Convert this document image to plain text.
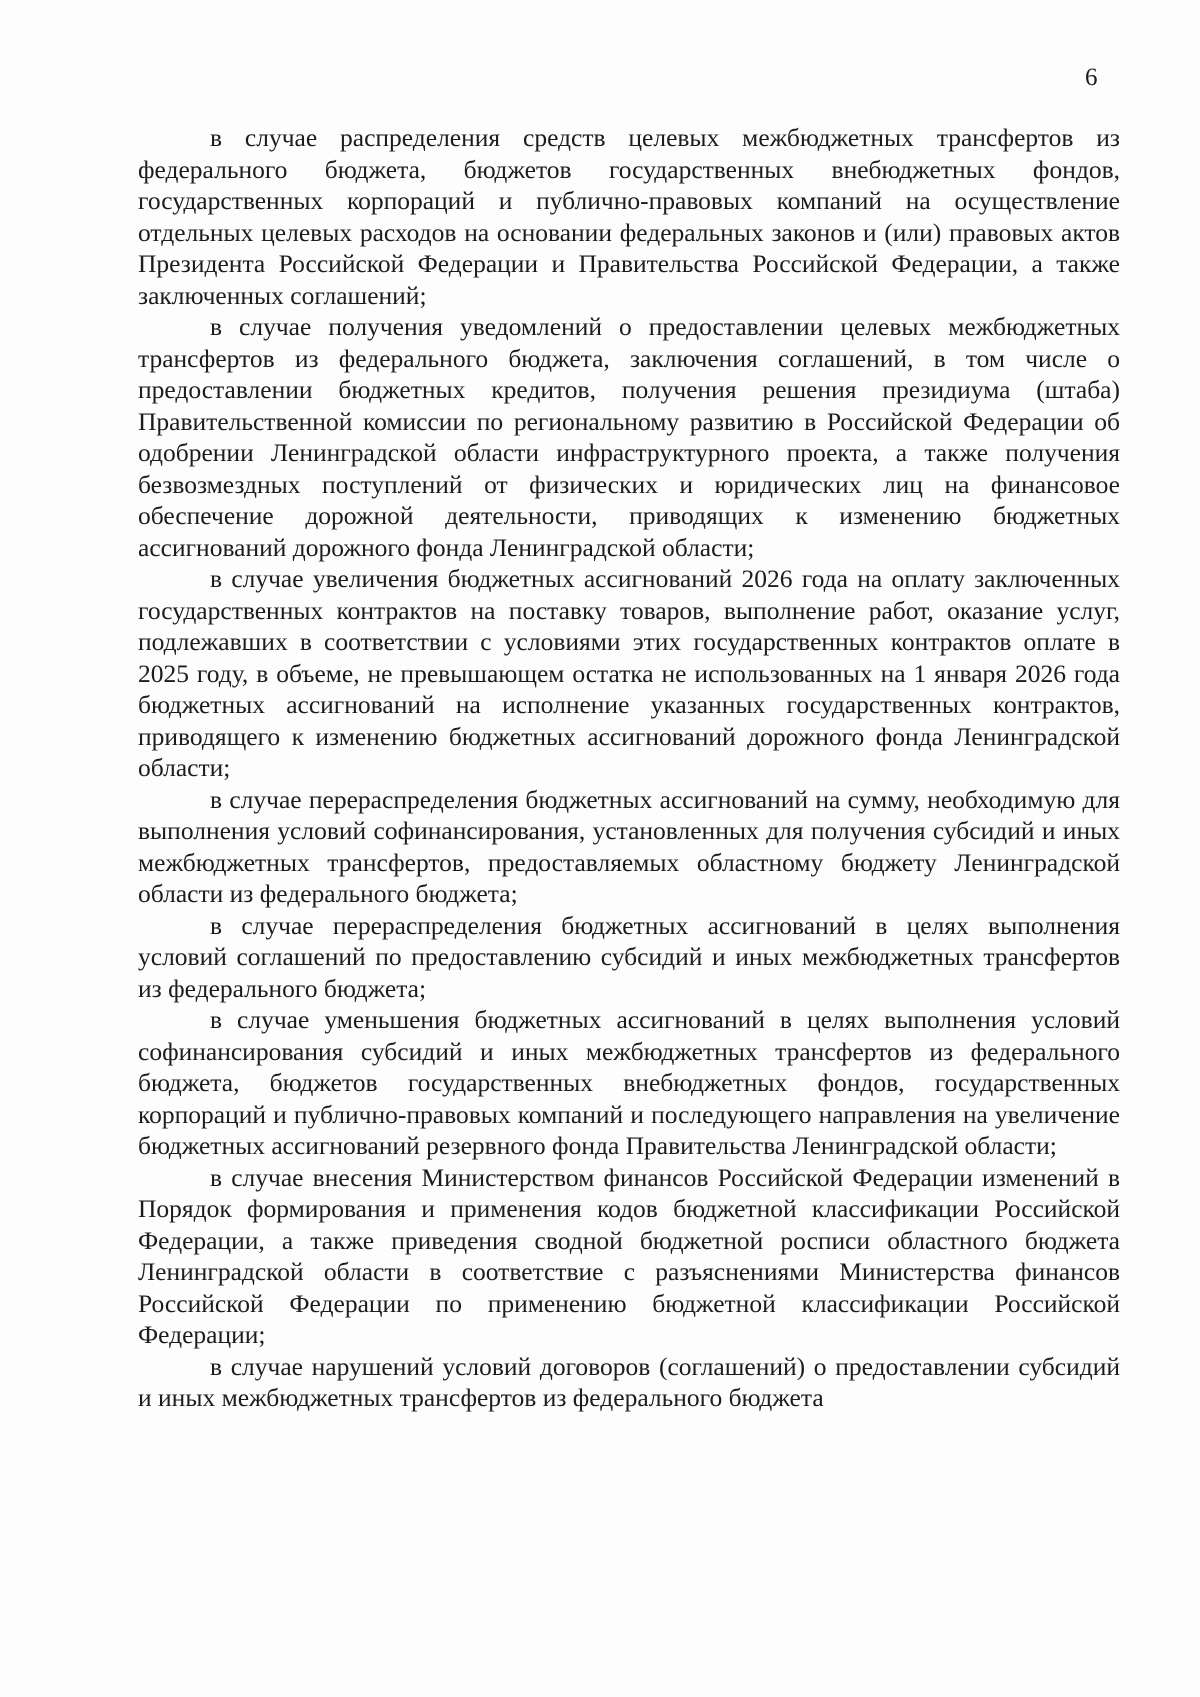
6

в случае распределения средств целевых межбюджетных трансфертов из федерального бюджета, бюджетов государственных внебюджетных фондов, государственных корпораций и публично-правовых компаний на осуществление отдельных целевых расходов на основании федеральных законов и (или) правовых актов Президента Российской Федерации и Правительства Российской Федерации, а также заключенных соглашений;

в случае получения уведомлений о предоставлении целевых межбюджетных трансфертов из федерального бюджета, заключения соглашений, в том числе о предоставлении бюджетных кредитов, получения решения президиума (штаба) Правительственной комиссии по региональному развитию в Российской Федерации об одобрении Ленинградской области инфраструктурного проекта, а также получения безвозмездных поступлений от физических и юридических лиц на финансовое обеспечение дорожной деятельности, приводящих к изменению бюджетных ассигнований дорожного фонда Ленинградской области;

в случае увеличения бюджетных ассигнований 2026 года на оплату заключенных государственных контрактов на поставку товаров, выполнение работ, оказание услуг, подлежавших в соответствии с условиями этих государственных контрактов оплате в 2025 году, в объеме, не превышающем остатка не использованных на 1 января 2026 года бюджетных ассигнований на исполнение указанных государственных контрактов, приводящего к изменению бюджетных ассигнований дорожного фонда Ленинградской области;

в случае перераспределения бюджетных ассигнований на сумму, необходимую для выполнения условий софинансирования, установленных для получения субсидий и иных межбюджетных трансфертов, предоставляемых областному бюджету Ленинградской области из федерального бюджета;

в случае перераспределения бюджетных ассигнований в целях выполнения условий соглашений по предоставлению субсидий и иных межбюджетных трансфертов из федерального бюджета;

в случае уменьшения бюджетных ассигнований в целях выполнения условий софинансирования субсидий и иных межбюджетных трансфертов из федерального бюджета, бюджетов государственных внебюджетных фондов, государственных корпораций и публично-правовых компаний и последующего направления на увеличение бюджетных ассигнований резервного фонда Правительства Ленинградской области;

в случае внесения Министерством финансов Российской Федерации изменений в Порядок формирования и применения кодов бюджетной классификации Российской Федерации, а также приведения сводной бюджетной росписи областного бюджета Ленинградской области в соответствие с разъяснениями Министерства финансов Российской Федерации по применению бюджетной классификации Российской Федерации;

в случае нарушений условий договоров (соглашений) о предоставлении субсидий и иных межбюджетных трансфертов из федерального бюджета
